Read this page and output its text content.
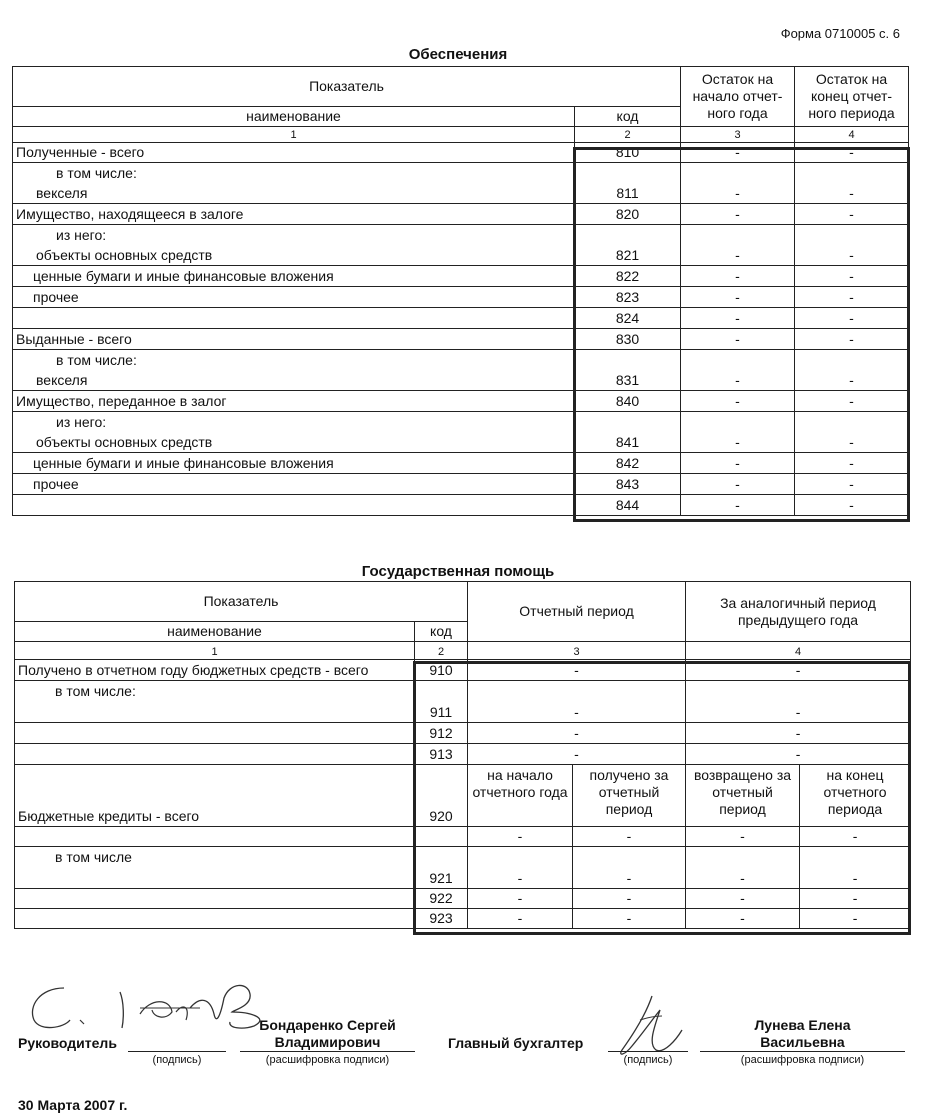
Форма 0710005 с. 6
Обеспечения
Показатель		Остаток на начало отчет-ного года	Остаток на конец отчет-ного периода
наименование	код		
1	2	3	4
Полученные - всего	810	-	-

в том числе:
векселя	811	-	-
Имущество, находящееся в залоге	820	-	-

из него:
объекты основных средств	821	-	-
ценные бумаги и иные финансовые вложения	822	-	-
прочее	823	-	-
	824	-	-
Выданные - всего	830	-	-

в том числе:
векселя	831	-	-
Имущество, переданное в залог	840	-	-

из него:
объекты основных средств	841	-	-
ценные бумаги и иные финансовые вложения	842	-	-
прочее	843	-	-
	844	-	-
Государственная помощь
Показатель		Отчетный период		За аналогичный период предыдущего года	
наименование	код				
1	2	3		4	
Получено в отчетном году бюджетных средств - всего	910	-		-	
в том числе:	911	-		-	
	912	-		-	
	913	-		-	
Бюджетные кредиты - всего	920	на начало отчетного года	получено за отчетный период	возвращено за отчетный период	на конец отчетного периода
		-	-	-	-
в том числе	921	-	-	-	-
	922	-	-	-	-
	923	-	-	-	-
Руководитель
(подпись)
Бондаренко Сергей
Владимирович
(расшифровка подписи)
Главный бухгалтер
(подпись)
Лунева Елена
Васильевна
(расшифровка подписи)
30 Марта 2007 г.
